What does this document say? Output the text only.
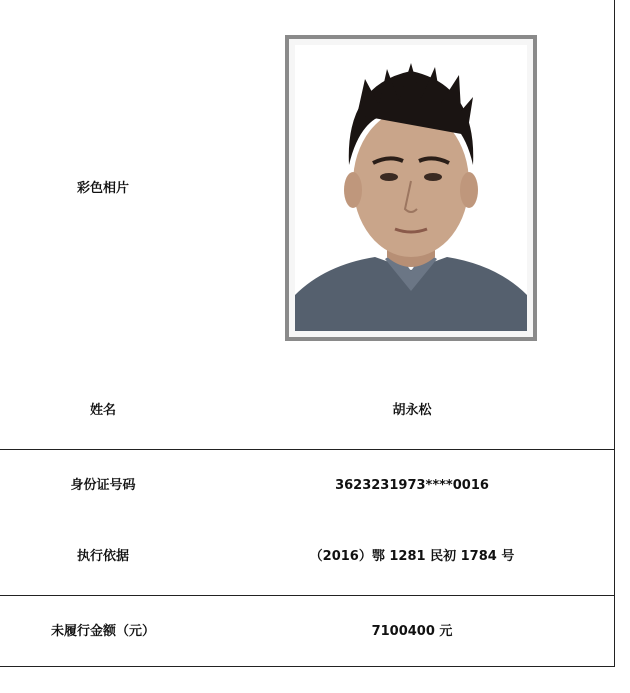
彩色相片
姓名	胡永松
身份证号码	3623231973****0016
执行依据	（2016）鄂 1281 民初 1784 号
未履行金额（元）	7100400 元
